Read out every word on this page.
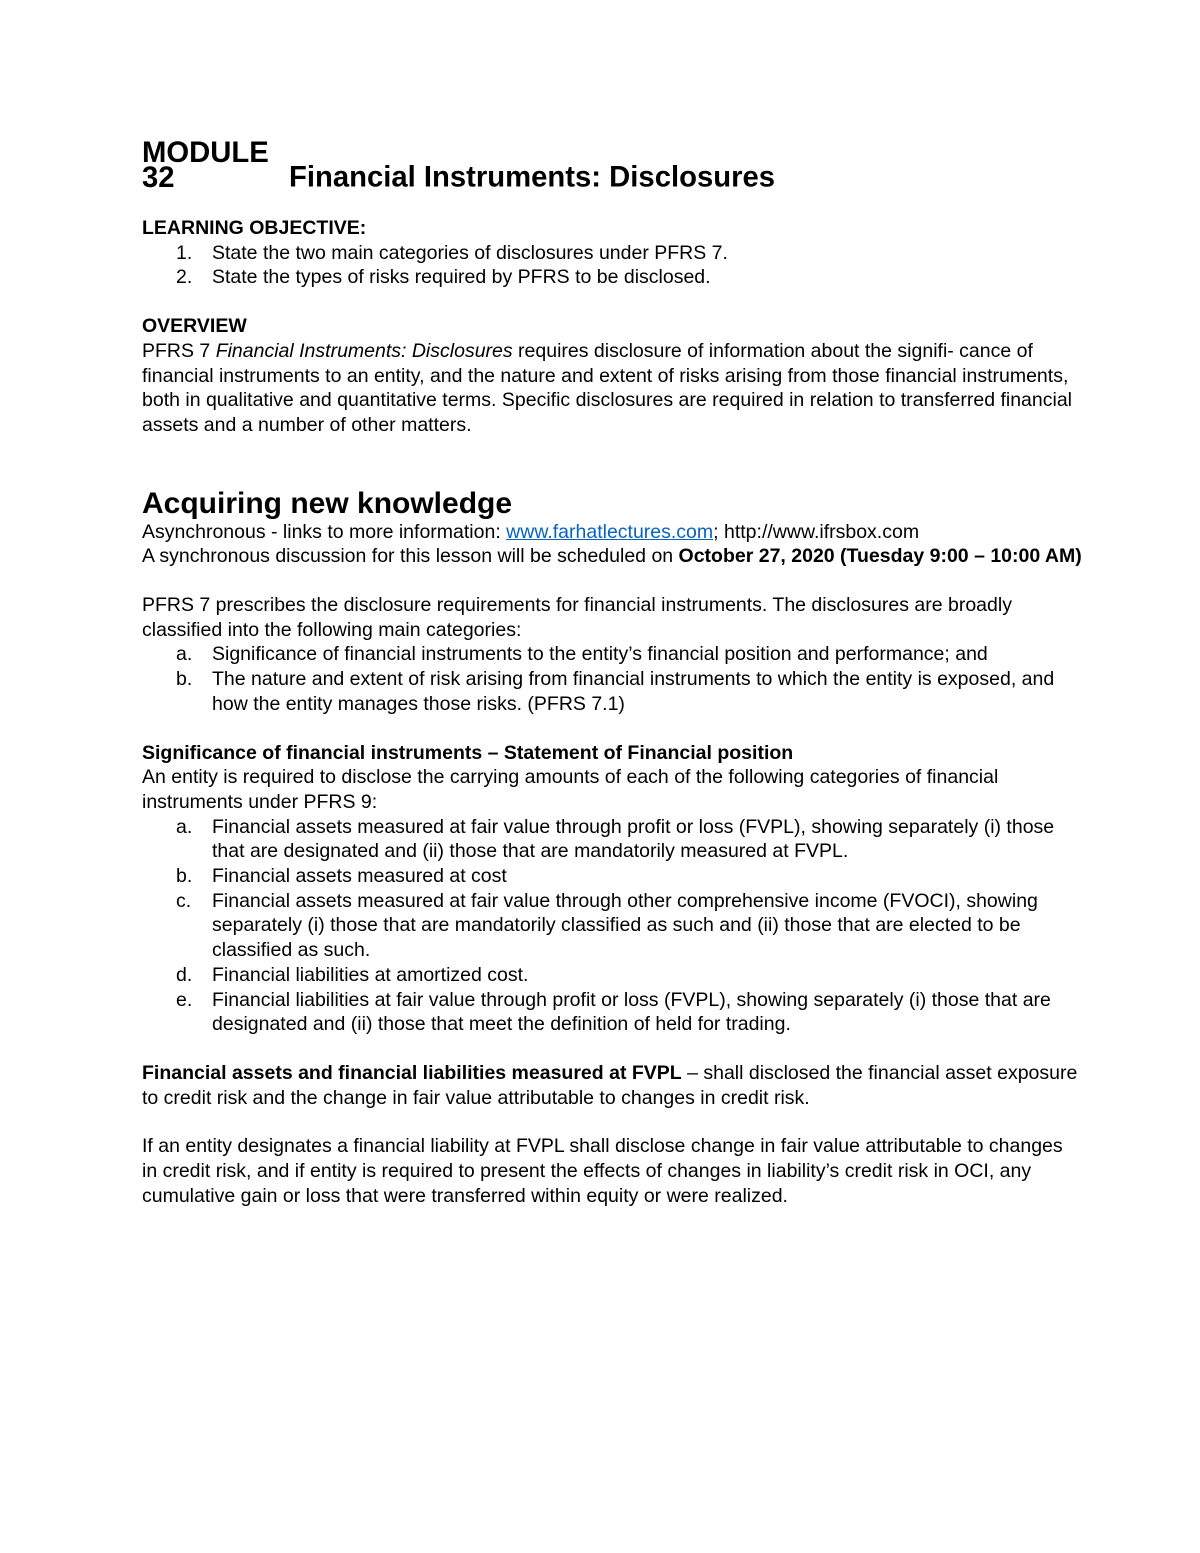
MODULE 32	Financial Instruments: Disclosures

LEARNING OBJECTIVE:

1. State the two main categories of disclosures under PFRS 7.
2. State the types of risks required by PFRS to be disclosed.

OVERVIEW

PFRS 7 Financial Instruments: Disclosures requires disclosure of information about the signifi- cance of financial instruments to an entity, and the nature and extent of risks arising from those financial instruments, both in qualitative and quantitative terms. Specific disclosures are required in relation to transferred financial assets and a number of other matters.

Acquiring new knowledge

Asynchronous - links to more information: www.farhatlectures.com; http://www.ifrsbox.com

A synchronous discussion for this lesson will be scheduled on October 27, 2020 (Tuesday 9:00 – 10:00 AM)

PFRS 7 prescribes the disclosure requirements for financial instruments. The disclosures are broadly classified into the following main categories:

a. Significance of financial instruments to the entity’s financial position and performance; and
b. The nature and extent of risk arising from financial instruments to which the entity is exposed, and how the entity manages those risks. (PFRS 7.1)

Significance of financial instruments – Statement of Financial position

An entity is required to disclose the carrying amounts of each of the following categories of financial instruments under PFRS 9:

a. Financial assets measured at fair value through profit or loss (FVPL), showing separately (i) those that are designated and (ii) those that are mandatorily measured at FVPL.
b. Financial assets measured at cost
c. Financial assets measured at fair value through other comprehensive income (FVOCI), showing separately (i) those that are mandatorily classified as such and (ii) those that are elected to be classified as such.
d. Financial liabilities at amortized cost.
e. Financial liabilities at fair value through profit or loss (FVPL), showing separately (i) those that are designated and (ii) those that meet the definition of held for trading.

Financial assets and financial liabilities measured at FVPL – shall disclosed the financial asset exposure to credit risk and the change in fair value attributable to changes in credit risk.

If an entity designates a financial liability at FVPL shall disclose change in fair value attributable to changes in credit risk, and if entity is required to present the effects of changes in liability’s credit risk in OCI, any cumulative gain or loss that were transferred within equity or were realized.
